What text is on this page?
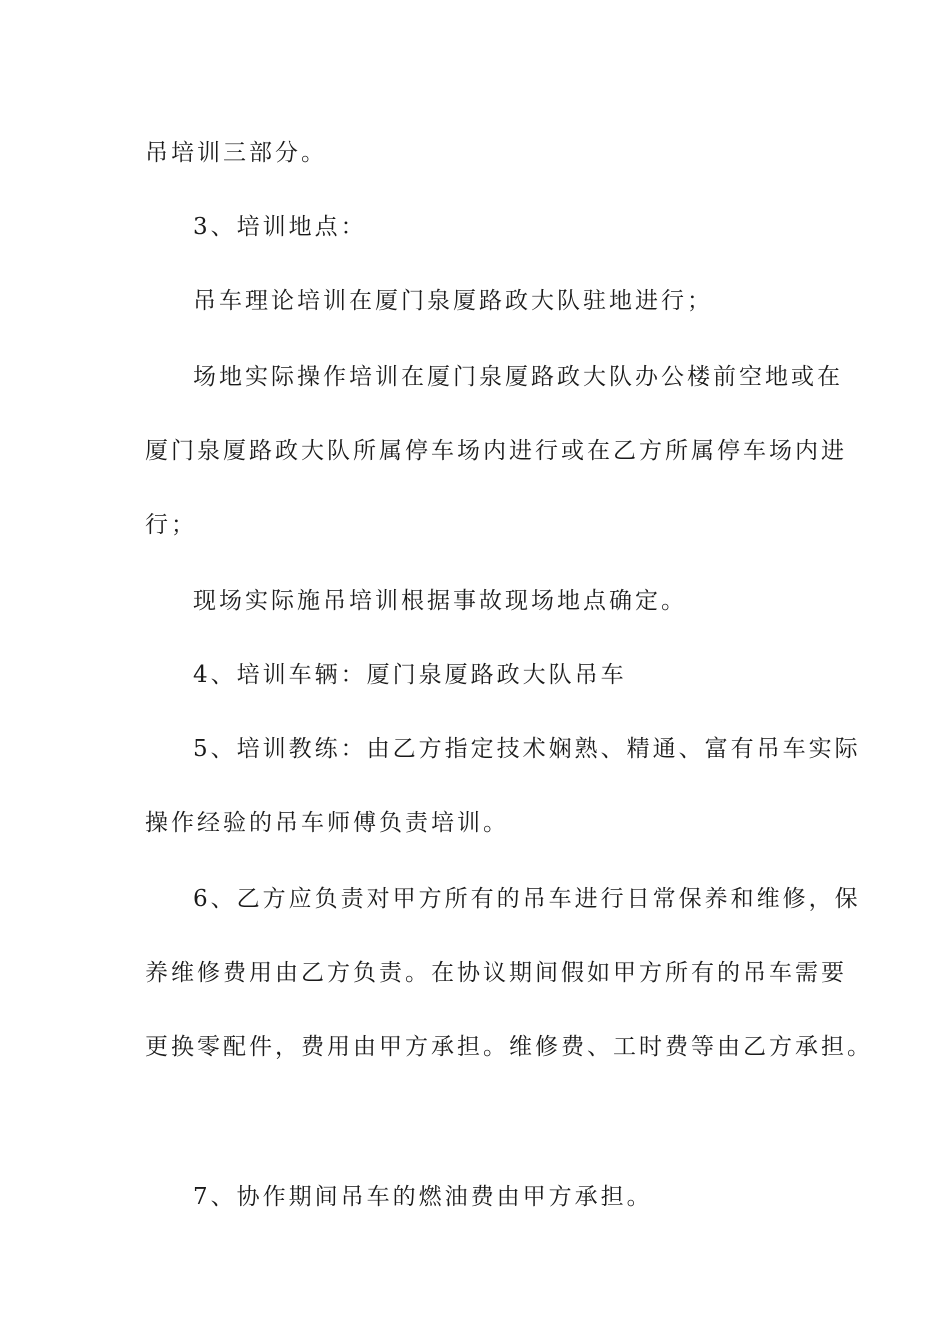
吊培训三部分。
3、培训地点：
吊车理论培训在厦门泉厦路政大队驻地进行；
场地实际操作培训在厦门泉厦路政大队办公楼前空地或在
厦门泉厦路政大队所属停车场内进行或在乙方所属停车场内进
行；
现场实际施吊培训根据事故现场地点确定。
4、培训车辆：厦门泉厦路政大队吊车
5、培训教练：由乙方指定技术娴熟、精通、富有吊车实际
操作经验的吊车师傅负责培训。
6、乙方应负责对甲方所有的吊车进行日常保养和维修，保
养维修费用由乙方负责。在协议期间假如甲方所有的吊车需要
更换零配件，费用由甲方承担。维修费、工时费等由乙方承担。
7、协作期间吊车的燃油费由甲方承担。
